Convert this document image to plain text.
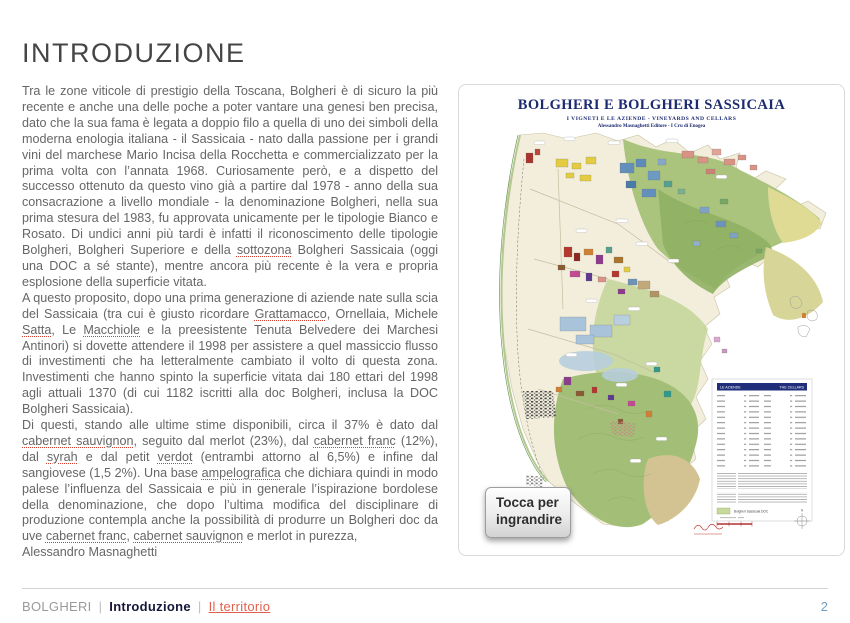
INTRODUZIONE

Tra le zone viticole di prestigio della Toscana, Bolgheri è di sicuro la più recente e anche una delle poche a poter vantare una genesi ben precisa, dato che la sua fama è legata a doppio filo a quella di uno dei simboli della moderna enologia italiana - il Sassicaia - nato dalla passione per i grandi vini del marchese Mario Incisa della Rocchetta e commercializzato per la prima volta con l’annata 1968. Curiosamente però, e a dispetto del successo ottenuto da questo vino già a partire dal 1978 - anno della sua consacrazione a livello mondiale - la denominazione Bolgheri, nella sua prima stesura del 1983, fu approvata unicamente per le tipologie Bianco e Rosato. Di undici anni più tardi è infatti il riconoscimento delle tipologie Bolgheri, Bolgheri Superiore e della sottozona Bolgheri Sassicaia (oggi una DOC a sé stante), mentre ancora più recente è la vera e propria esplosione della superficie vitata.

A questo proposito, dopo una prima generazione di aziende nate sulla scia del Sassicaia (tra cui è giusto ricordare Grattamacco, Ornellaia, Michele Satta, Le Macchiole e la preesistente Tenuta Belvedere dei Marchesi Antinori) si dovette attendere il 1998 per assistere a quel massiccio flusso di investimenti che ha letteralmente cambiato il volto di questa zona. Investimenti che hanno spinto la superficie vitata dai 180 ettari del 1998 agli attuali 1370 (di cui 1182 iscritti alla doc Bolgheri, inclusa la DOC Bolgheri Sassicaia).

Di questi, stando alle ultime stime disponibili, circa il 37% è dato dal cabernet sauvignon, seguito dal merlot (23%), dal cabernet franc (12%), dal syrah e dal petit verdot (entrambi attorno al 6,5%) e infine dal sangiovese (1,5 2%). Una base ampelografica che dichiara quindi in modo palese l’influenza del Sassicaia e più in generale l’ispirazione bordolese della denominazione, che dopo l’ultima modifica del disciplinare di produzione contempla anche la possibilità di produrre un Bolgheri doc da uve cabernet franc, cabernet sauvignon e merlot in purezza,

Alessandro Masnaghetti

BOLGHERI E BOLGHERI SASSICAIA

I VIGNETI E LE AZIENDE - VINEYARDS AND CELLARS

Alessandro Masnaghetti Editore - I Cru di Enogea

LE AZIENDE	THE CELLARS
Bolgheri Sassicaia DOC	N
Tocca per
ingrandire
BOLGHERI | Introduzione | Il territorio	2
